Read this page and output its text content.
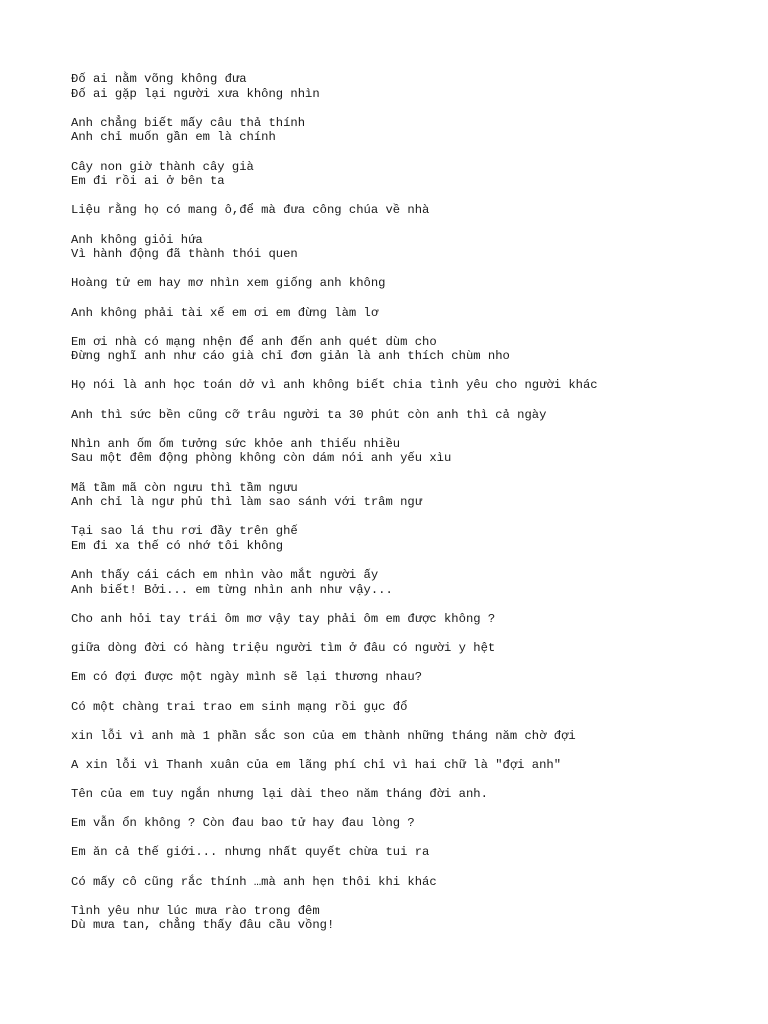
Đố ai nằm võng không đưa
Đố ai gặp lại người xưa không nhìn
Anh chẳng biết mấy câu thả thính
Anh chỉ muốn gần em là chính
Cây non giờ thành cây già
Em đi rồi ai ở bên ta
Liệu rằng họ có mang ô,để mà đưa công chúa về nhà
Anh không giỏi hứa
Vì hành động đã thành thói quen
Hoàng tử em hay mơ nhìn xem giống anh không
Anh không phải tài xế em ơi em đừng làm lơ
Em ơi nhà có mạng nhện để anh đến anh quét dùm cho
Đừng nghĩ anh như cáo già chỉ đơn giản là anh thích chùm nho
Họ nói là anh học toán dở vì anh không biết chia tình yêu cho người khác
Anh thì sức bền cũng cỡ trâu người ta 30 phút còn anh thì cả ngày
Nhìn anh ốm ốm tưởng sức khỏe anh thiếu nhiều
Sau một đêm động phòng không còn dám nói anh yếu xìu
Mã tầm mã còn ngưu thì tầm ngưu
Anh chỉ là ngư phủ thì làm sao sánh với trâm ngư
Tại sao lá thu rơi đầy trên ghế
Em đi xa thế có nhớ tôi không
Anh thấy cái cách em nhìn vào mắt người ấy
Anh biết! Bởi... em từng nhìn anh như vậy...
Cho anh hỏi tay trái ôm mơ vậy tay phải ôm em được không ?
giữa dòng đời có hàng triệu người tìm ở đâu có người y hệt
Em có đợi được một ngày mình sẽ lại thương nhau?
Có một chàng trai trao em sinh mạng rồi gục đổ
xin lỗi vì anh mà 1 phần sắc son của em thành những tháng năm chờ đợi
A xin lỗi vì Thanh xuân của em lãng phí chỉ vì hai chữ là "đợi anh"
Tên của em tuy ngắn nhưng lại dài theo năm tháng đời anh.
Em vẫn ổn không ? Còn đau bao tử hay đau lòng ?
Em ăn cả thế giới... nhưng nhất quyết chừa tui ra
Có mấy cô cũng rắc thính …mà anh hẹn thôi khi khác
Tình yêu như lúc mưa rào trong đêm
Dù mưa tan, chẳng thấy đâu cầu vồng!
